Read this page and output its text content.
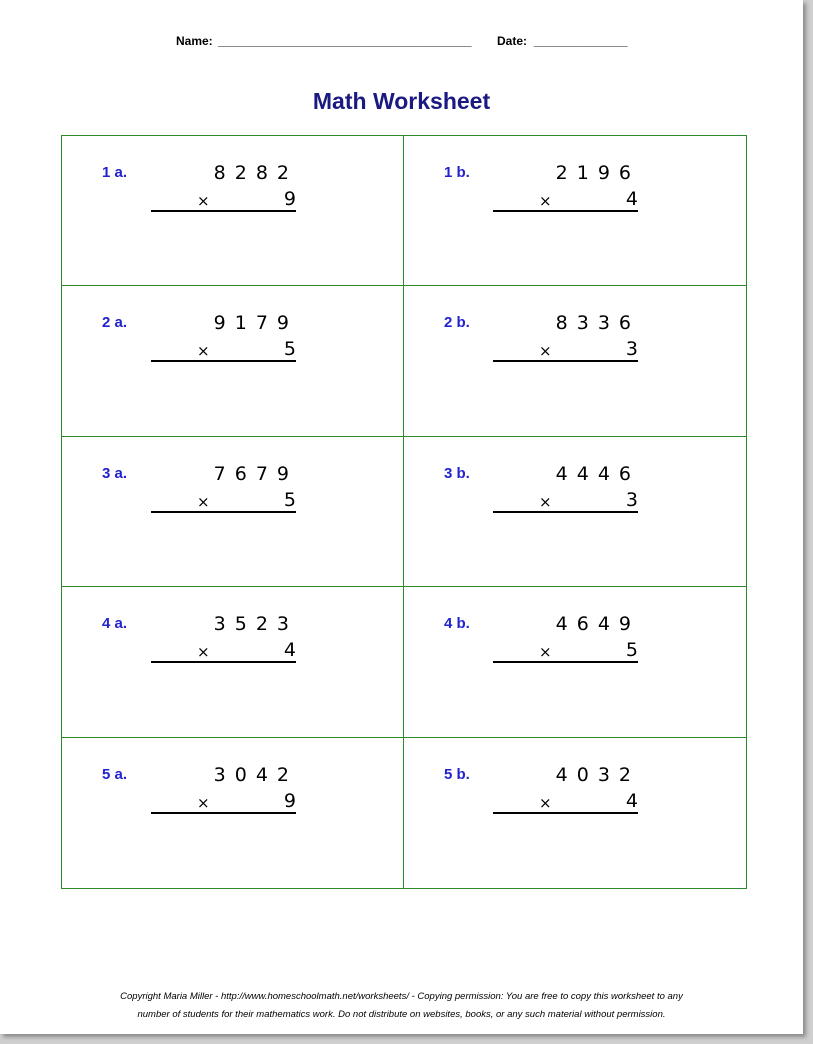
Name: ______________________________________ Date: ______________
Math Worksheet
1 a.	8282
×	9
1 b.	2196
×	4
2 a.	9179
×	5
2 b.	8336
×	3
3 a.	7679
×	5
3 b.	4446
×	3
4 a.	3523
×	4
4 b.	4649
×	5
5 a.	3042
×	9
5 b.	4032
×	4
Copyright Maria Miller - http://www.homeschoolmath.net/worksheets/ - Copying permission: You are free to copy this worksheet to any
number of students for their mathematics work. Do not distribute on websites, books, or any such material without permission.
